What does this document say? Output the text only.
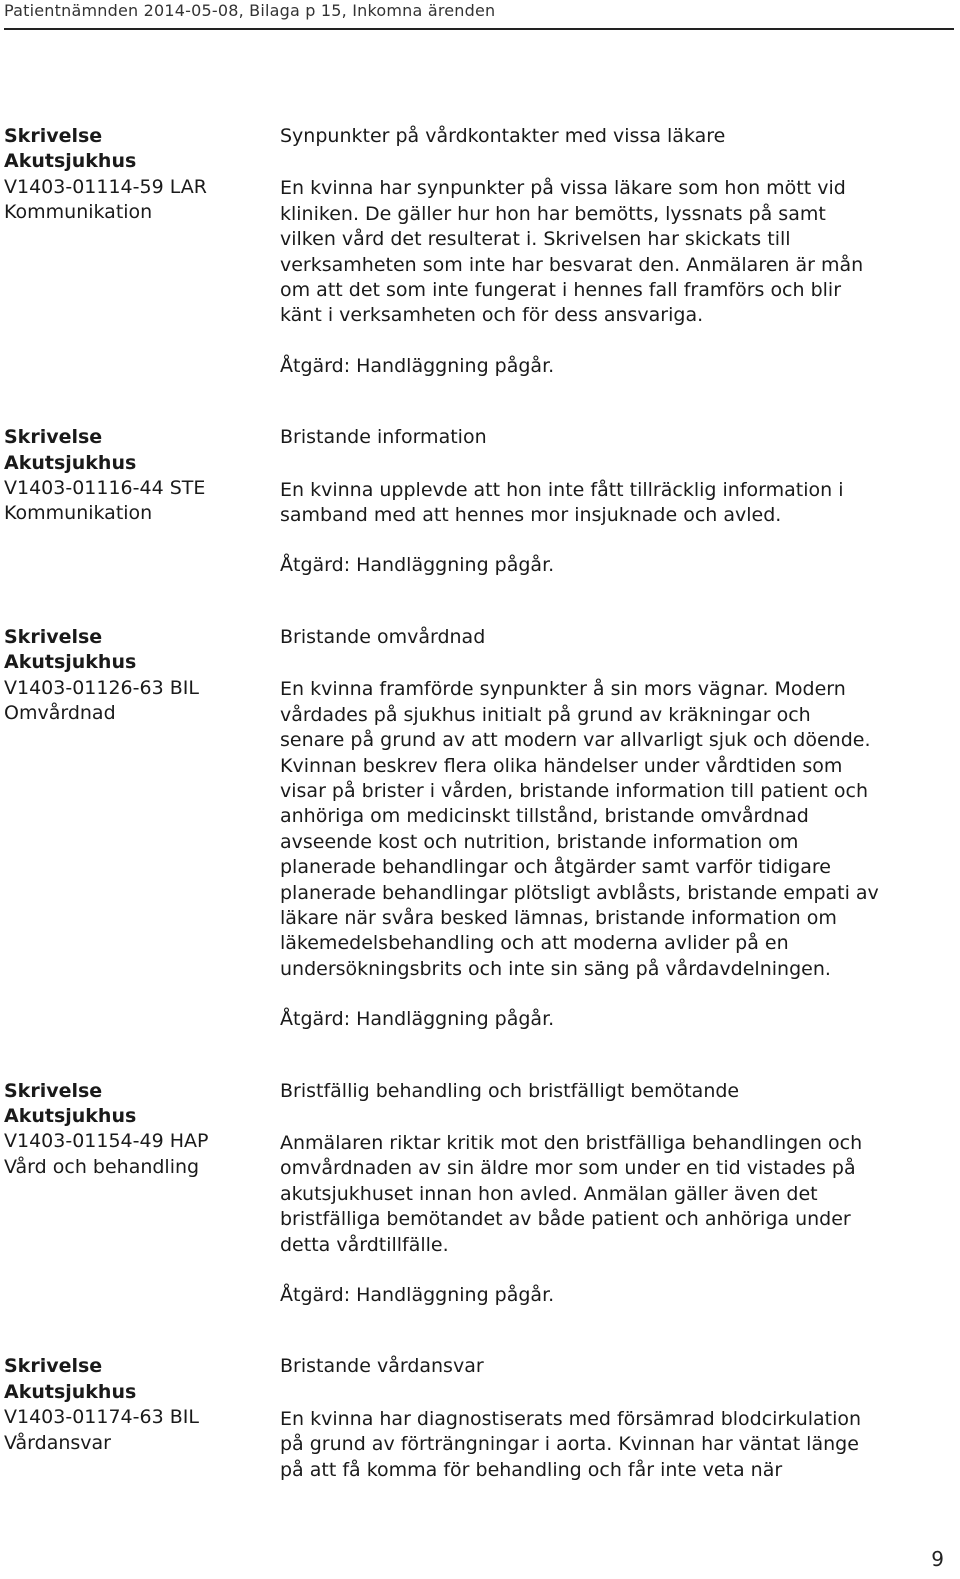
Patientnämnden 2014-05-08, Bilaga p 15, Inkomna ärenden
Skrivelse
Akutsjukhus
V1403-01114-59 LAR
Kommunikation

Synpunkter på vårdkontakter med vissa läkare

En kvinna har synpunkter på vissa läkare som hon mött vid
kliniken. De gäller hur hon har bemötts, lyssnats på samt
vilken vård det resulterat i. Skrivelsen har skickats till
verksamheten som inte har besvarat den. Anmälaren är mån
om att det som inte fungerat i hennes fall framförs och blir
känt i verksamheten och för dess ansvariga.

Åtgärd: Handläggning pågår.

Skrivelse
Akutsjukhus
V1403-01116-44 STE
Kommunikation

Bristande information

En kvinna upplevde att hon inte fått tillräcklig information i
samband med att hennes mor insjuknade och avled.

Åtgärd: Handläggning pågår.

Skrivelse
Akutsjukhus
V1403-01126-63 BIL
Omvårdnad

Bristande omvårdnad

En kvinna framförde synpunkter å sin mors vägnar. Modern
vårdades på sjukhus initialt på grund av kräkningar och
senare på grund av att modern var allvarligt sjuk och döende.
Kvinnan beskrev flera olika händelser under vårdtiden som
visar på brister i vården, bristande information till patient och
anhöriga om medicinskt tillstånd, bristande omvårdnad
avseende kost och nutrition, bristande information om
planerade behandlingar och åtgärder samt varför tidigare
planerade behandlingar plötsligt avblåsts, bristande empati av
läkare när svåra besked lämnas, bristande information om
läkemedelsbehandling och att moderna avlider på en
undersökningsbrits och inte sin säng på vårdavdelningen.

Åtgärd: Handläggning pågår.

Skrivelse
Akutsjukhus
V1403-01154-49 HAP
Vård och behandling

Bristfällig behandling och bristfälligt bemötande

Anmälaren riktar kritik mot den bristfälliga behandlingen och
omvårdnaden av sin äldre mor som under en tid vistades på
akutsjukhuset innan hon avled. Anmälan gäller även det
bristfälliga bemötandet av både patient och anhöriga under
detta vårdtillfälle.

Åtgärd: Handläggning pågår.

Skrivelse
Akutsjukhus
V1403-01174-63 BIL
Vårdansvar

Bristande vårdansvar

En kvinna har diagnostiserats med försämrad blodcirkulation
på grund av förträngningar i aorta. Kvinnan har väntat länge
på att få komma för behandling och får inte veta när

9
